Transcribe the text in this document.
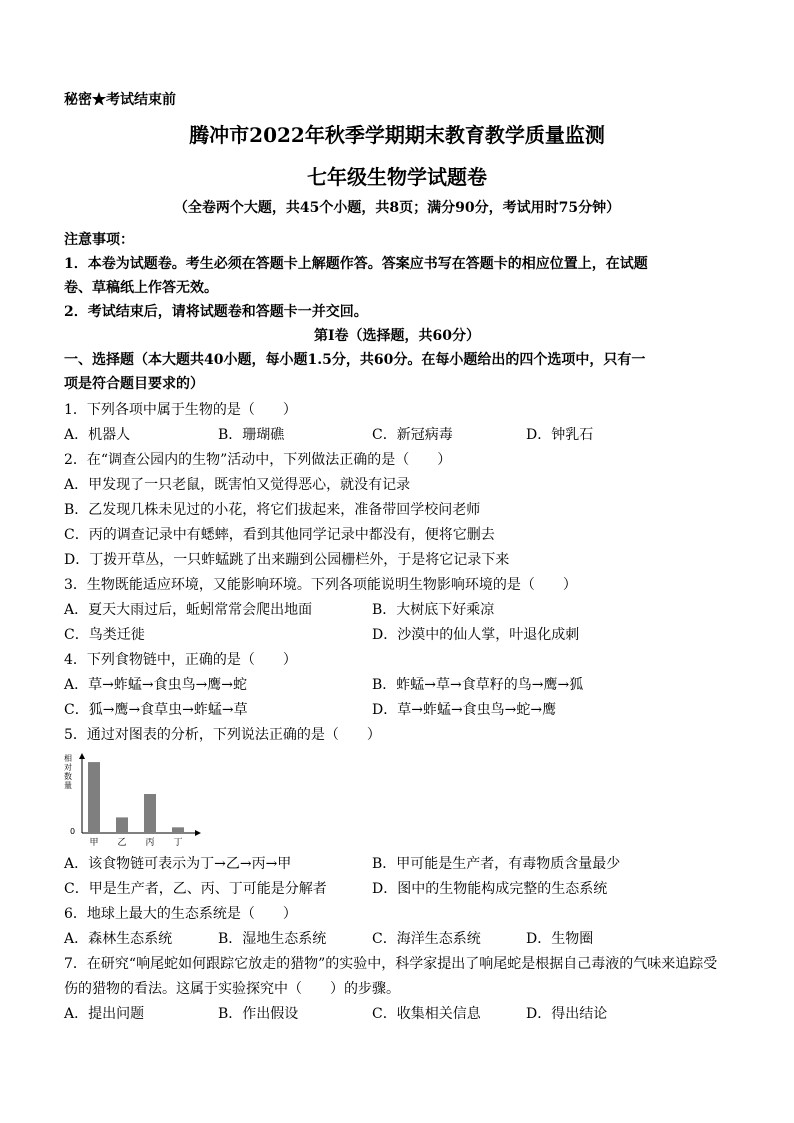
秘密★考试结束前
腾冲市2022年秋季学期期末教育教学质量监测
七年级生物学试题卷
（全卷两个大题，共45个小题，共8页；满分90分，考试用时75分钟）
注意事项：
1．本卷为试题卷。考生必须在答题卡上解题作答。答案应书写在答题卡的相应位置上，在试题
卷、草稿纸上作答无效。
2．考试结束后，请将试题卷和答题卡一并交回。
第Ⅰ卷（选择题，共60分）
一、选择题（本大题共40小题，每小题1.5分，共60分。在每小题给出的四个选项中，只有一
项是符合题目要求的）
1．下列各项中属于生物的是（　　）
A．机器人	B．珊瑚礁	C．新冠病毒	D．钟乳石
2．在“调查公园内的生物”活动中，下列做法正确的是（　　）
A．甲发现了一只老鼠，既害怕又觉得恶心，就没有记录
B．乙发现几株未见过的小花，将它们拔起来，准备带回学校问老师
C．丙的调查记录中有蟋蟀，看到其他同学记录中都没有，便将它删去
D．丁拨开草丛，一只蚱蜢跳了出来蹦到公园栅栏外，于是将它记录下来
3．生物既能适应环境，又能影响环境。下列各项能说明生物影响环境的是（　　）
A．夏天大雨过后，蚯蚓常常会爬出地面	B．大树底下好乘凉
C．鸟类迁徙	D．沙漠中的仙人掌，叶退化成刺
4．下列食物链中，正确的是（　　）
A．草→蚱蜢→食虫鸟→鹰→蛇	B．蚱蜢→草→食草籽的鸟→鹰→狐
C．狐→鹰→食草虫→蚱蜢→草	D．草→蚱蜢→食虫鸟→蛇→鹰
5．通过对图表的分析，下列说法正确的是（　　）
甲 乙 丙 丁
相对数量
0
A．该食物链可表示为丁→乙→丙→甲	B．甲可能是生产者，有毒物质含量最少
C．甲是生产者，乙、丙、丁可能是分解者	D．图中的生物能构成完整的生态系统
6．地球上最大的生态系统是（　　）
A．森林生态系统	B．湿地生态系统	C．海洋生态系统	D．生物圈
7．在研究“响尾蛇如何跟踪它放走的猎物”的实验中，科学家提出了响尾蛇是根据自己毒液的气味来追踪受
伤的猎物的看法。这属于实验探究中（　　）的步骤。
A．提出问题	B．作出假设	C．收集相关信息	D．得出结论
